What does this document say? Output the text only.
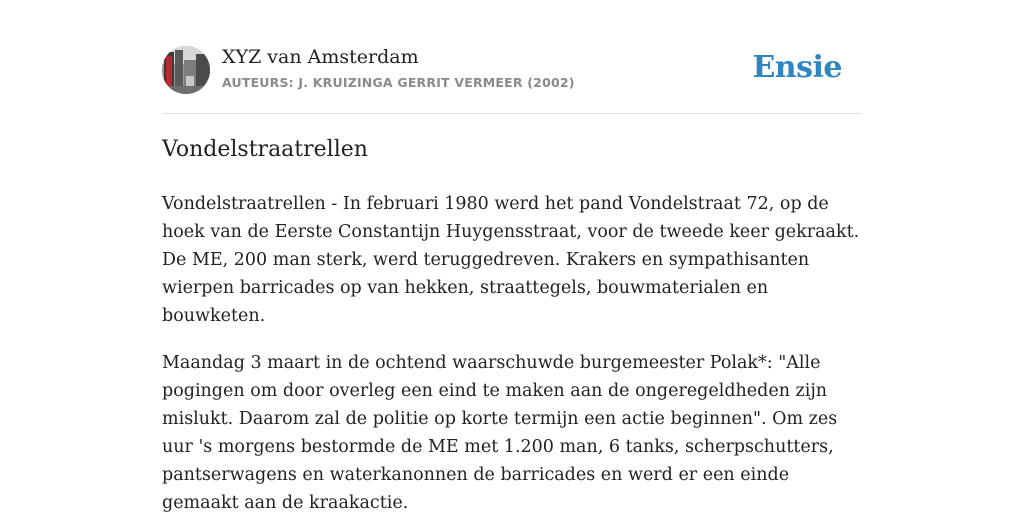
XYZ van Amsterdam
AUTEURS: J. KRUIZINGA GERRIT VERMEER (2002)	Ensie
Vondelstraatrellen

Vondelstraatrellen - In februari 1980 werd het pand Vondelstraat 72, op de hoek van de Eerste Constantijn Huygensstraat, voor de tweede keer gekraakt. De ME, 200 man sterk, werd teruggedreven. Krakers en sympathisanten wierpen barricades op van hekken, straattegels, bouwmaterialen en bouwketen.

Maandag 3 maart in de ochtend waarschuwde burgemeester Polak*: "Alle pogingen om door overleg een eind te maken aan de ongeregeldheden zijn mislukt. Daarom zal de politie op korte termijn een actie beginnen". Om zes uur 's morgens bestormde de ME met 1.200 man, 6 tanks, scherpschutters, pantserwagens en waterkanonnen de barricades en werd er een einde gemaakt aan de kraakactie.
